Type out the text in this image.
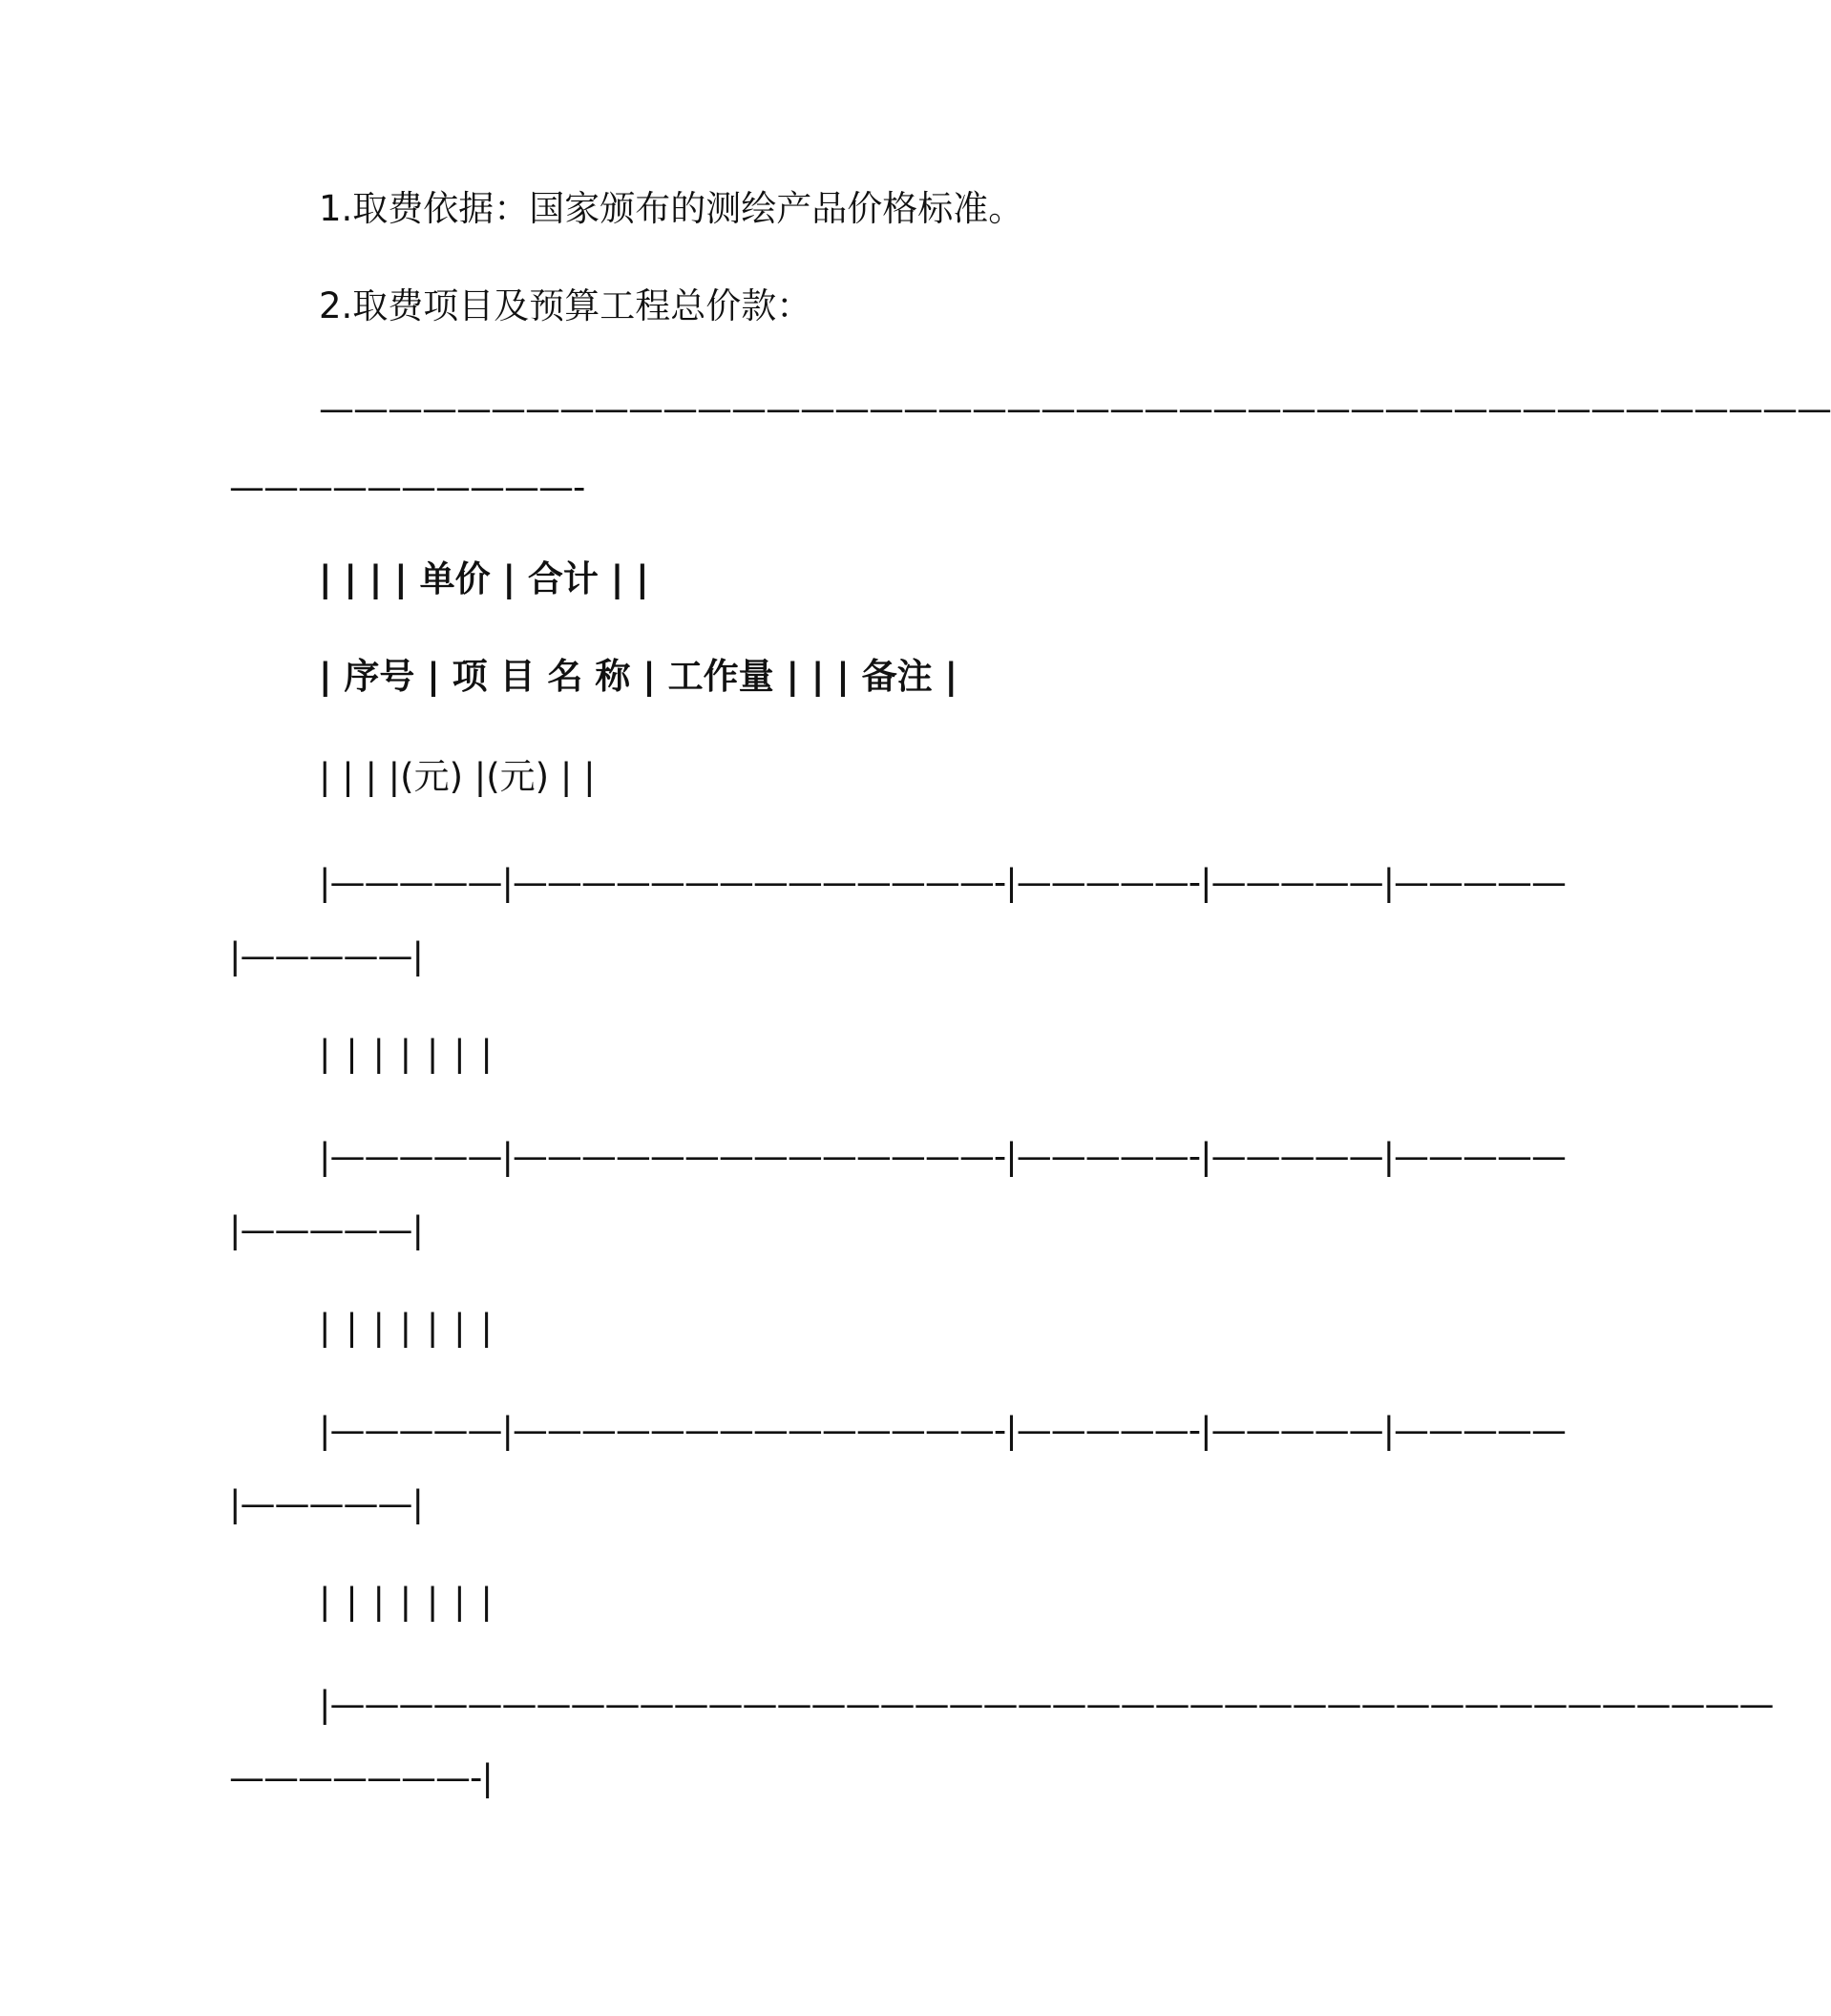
1.取费依据：国家颁布的测绘产品价格标准。
2.取费项目及预算工程总价款：
————————————————————————————————————————————
——————————-
| | | | 单价 | 合计 | |
| 序号 | 项 目 名 称 | 工作量 | | | 备注 |
| | | |(元) |(元) | |
|—————|——————————————-|—————-|—————|—————
|—————|
| | | | | | |
|—————|——————————————-|—————-|—————|—————
|—————|
| | | | | | |
|—————|——————————————-|—————-|—————|—————
|—————|
| | | | | | |
|——————————————————————————————————————————
———————-|
